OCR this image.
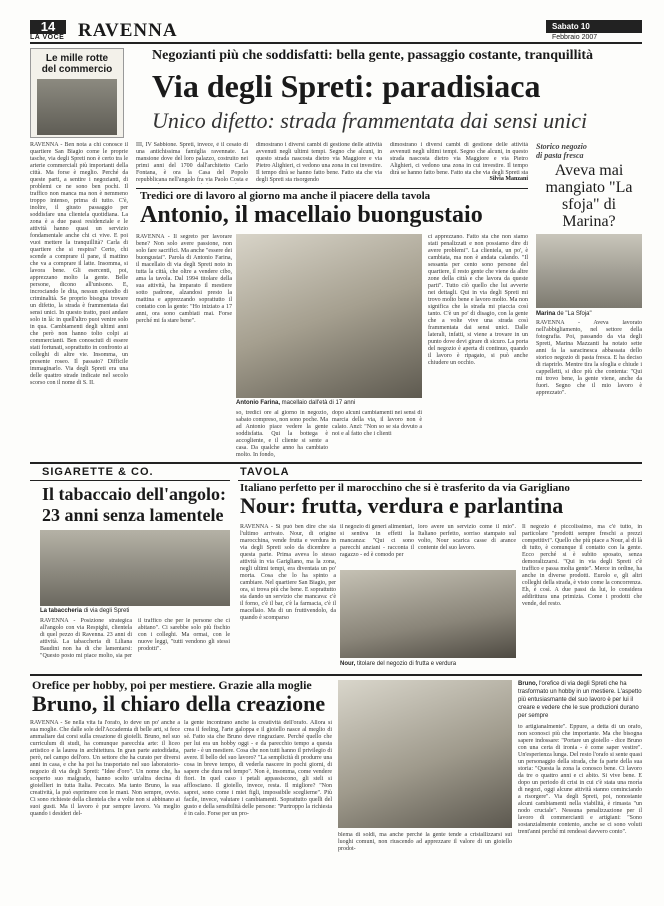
14
LA VOCE RAVENNA	Sabato 10
Febbraio 2007
Le mille rotte
del commercio
Negozianti più che soddisfatti: bella gente, passaggio costante, tranquillità
Via degli Spreti: paradisiaca
Unico difetto: strada frammentata dai sensi unici

RAVENNA - Ben nota a chi conosce il quartiere San Biagio come le proprie tasche, via degli Spreti non è certo tra le arterie commerciali più importanti della città. Ma forse è meglio. Perché da queste parti, a sentire i negozianti, di problemi ce ne sono ben pochi. Il traffico non manca ma non è nemmeno troppo intenso, prima di tutto. C'è, inoltre, il giusto passaggio per soddisfare una clientela quotidiana. La zona è a due passi residenziale e le attività hanno quasi un servizio fondamentale anche chi ci vive. E poi vuoi mettere la tranquillità? Carla di quartiere che si respira? Certo, chi scende a comprare il pane, il mattino che va a comprare il latte. Insomma, si lavora bene. Gli esercenti, poi, apprezzano molto la gente. Belle persone, dicono all'unisono. E, incrociando le dita, nessun episodio di criminalità. Se proprio bisogna trovare un difetto, la strada è frammentata dai sensi unici. In questo tratto, puoi andare solo in là: in quell'altro puoi venire solo in qua. Cambiamenti degli ultimi anni che però non hanno tolto colpi ai commercianti. Ben conosciuti di essere stati fortunati, soprattutto in confronto ai colleghi di altre vie. Insomma, un presente roseo. Il passato? Difficile immaginarlo. Via degli Spreti era una delle quattro strade indicate nel secolo scorso con il nome di S. II.

III, IV Sabbione. Spreti, invece, è il cesato di una antichissima famiglia ravennate. La mansione dove del loro palazzo, costruito nei primi anni del 1700 dall'architetto Carlo Fontana, è ora la Casa del Popolo repubblicana nell'angolo fra via Paolo Costa e

dimostrano i diversi cambi di gestione delle attività avvenuti negli ultimi tempi. Segno che alcuni, in questo strada nascosta dietro via Maggiore e via Pietro Alighieri, ci vedono una zona in cui investire. Il tempo dirà se hanno fatto bene. Fatto sta che via degli Spreti sta risorgendo

dimostrano i diversi cambi di gestione delle attività avvenuti negli ultimi tempi. Segno che alcuni, in questo strada nascosta dietro via Maggiore e via Pietro Alighieri, ci vedono una zona in cui investire. Il tempo dirà se hanno fatto bene. Fatto sta che via degli Spreti sta

Silvia Manzani
Storico negozio
di pasta fresca
Aveva mai mangiato "La sfoja" di Marina?
Marina de "La Sfoja"

RAVENNA - Aveva lavorato nell'abbigliamento, nel settore della fotografia. Poi, passando da via degli Spreti, Marina Mazzanti ha notato sette anni fa la saracinesca abbassata dello storico negozio di pasta fresca. E ha deciso di riaprirlo. Mentre tira la sfoglia e chiude i cappelletti, si dice più che contenta: "Qui mi trovo bene, la gente viene, anche da fuori. Segno che il mio lavoro è apprezzato".

Tredici ore di lavoro al giorno ma anche il piacere della tavola
Antonio, il macellaio buongustaio

RAVENNA - Il segreto per lavorare bene? Non solo avere passione, non solo fare sacrifici. Ma anche "essere dei buongustai". Parola di Antonio Farina, il macellaio di via degli Spreti noto in tutta la città, che oltre a vendere cibo, ama la tavola. Dal 1994 titolare della sua attività, ha imparato il mestiere sotto padrone, alzandosi presto la mattina e apprezzando soprattutto il contatto con la gente: "Ho iniziato a 17 anni, ora sono cambiati mai. Forse perché mi fa stare bene".

Antonio Farina, macellaio dall'età di 17 anni

so, tredici ore al giorno in negozio, sabato compreso, non sono poche. Ma ad Antonio piace vedere la gente soddisfatta. Qui la bottega è accogliente, e il cliente si sente a casa. Da qualche anno ha cambiato molto. In fondo,

dopo alcuni cambiamenti nei sensi di marcia della via, il lavoro non è calato. Anzi: "Non so se sia dovuto a noi e al fatto che i clienti

ci apprezzano. Fatto sta che non siamo stati penalizzati e non possiamo dire di avere problemi". La clientela, un po', è cambiata, ma non è andata calando. "Il sessanta per cento sono persone del quartiere, il resto gente che viene da altre zone della città e che lavora da queste parti". Tutto ciò quello che lui avverte nei dettagli. Qui in via degli Spreti mi trovo molto bene e lavoro molto. Ma non significa che la strada mi piaccia così tanto. C'è un po' di disagio, con la gente che a volte vive una strada così frammentata dai sensi unici. Dalle laterali, infatti, si viene a trovare in un punto dove devi girare di sicuro. La porta del negozio è aperta di continuo, quando il lavoro è ripagato, si può anche chiudere un occhio.

SIGARETTE & CO.
Il tabaccaio dell'angolo: 23 anni senza lamentele
La tabaccheria di via degli Spreti

RAVENNA - Posizione strategica all'angolo con via Respighi, clientela di quel pezzo di Ravenna. 23 anni di attività. La tabaccheria di Liliana Baudini non ha di che lamentarsi: "Questo posto mi piace molto, sia per il traffico che per le persone che ci abitano". Ci sarebbe solo più fischio con i colleghi. Ma ormai, con le nuove leggi, "tutti vendono gli stessi prodotti".

TAVOLA
Italiano perfetto per il marocchino che si è trasferito da via Garigliano
Nour: frutta, verdura e parlantina

RAVENNA - Si può ben dire che sia l'ultimo arrivato. Nour, di origine marocchina, vende frutta e verdura in via degli Spreti solo da dicembre a questa parte. Prima aveva lo stesso attività in via Garigliano, ma la zona, negli ultimi tempi, era diventata un po' morta. Cosa che lo ha spinto a cambiare. Nel quartiere San Biagio, per ora, si trova più che bene. E soprattutto sta dando un servizio che mancava: c'è il forno, c'è il bar, c'è la farmacia, c'è il macellaio. Ma di un fruttivendolo, da quando è scomparso

il negozio di generi alimentari, si sentiva in effetti la mancanza: "Qui ci sono parecchi anziani - racconta il ragazzo - ed è comodo per

loro avere un servizio come il mio". Italiano perfetto, sorriso stampato sul volto, Nour scarica casse di arance contente del suo lavoro.

Nour, titolare del negozio di frutta e verdura

Il negozio è piccolissimo, ma c'è tutto, in particolare "prodotti sempre freschi a prezzi competitivi". Quello che più piace a Nour, al di là di tutto, è comunque il contatto con la gente. Ecco perché si è subito sposato, senza demoralizzarsi. "Qui in via degli Spreti c'è traffico e passa molta gente". Merce in ordine, ha anche in diverse prodotti. Eurolo e, gli altri colleghi della strada, è visto come la concorrenza. Eh, è così. A due passi da lui, lo considera addirittura una primizia. Come i prodotti che vende, del resto.

Orefice per hobby, poi per mestiere. Grazie alla moglie
Bruno, il chiaro della creazione

RAVENNA - Se nella vita fa l'orafo, lo deve un po' anche a sua moglie. Che dalle sole dell'Accademia di belle arti, si fece ammaliare dai corsi sulla creazione di gioielli. Bruno, nel suo curriculum di studi, ha comunque parecchia arte: il liceo artistico e la laurea in architettura. In gran parte autodidatta, però, nel campo dell'oro. Un settore che ha curato per diversi anni in casa, e che ha poi ha trasportato nel suo laboratorio-negozio di via degli Spreti: "Idee d'oro". Un nome che, ha scoperto suo malgrado, hanno scelto un'altra decina di gioiellieri in tutta Italia. Peccato. Ma tanto Bruno, la sua creatività, la può esprimere con le mani. Non sempre, ovvio. Ci sono richieste della clientela che a volte non si abbinano ai suoi gusti. Ma il lavoro è pur sempre lavoro. Va meglio quando i desideri del-

la gente incontrano anche la creatività dell'orafo. Allora sì crea il feeling, l'arte galoppa e il gioiello nasce al meglio di sé. Fatto sta che Bruno deve ringraziare. Perché quello che per lui era un hobby oggi - e da parecchio tempo a questa parte - è un mestiere. Cosa che non tutti hanno il privilegio di avere. Il bello del suo lavoro? "La semplicità di produrre una cosa in breve tempo, di vederla nascere in pochi giorni, di sapere che dura nel tempo". Non è, insomma, come vendere fiori. In quel caso i petali appassiscono, gli steli si afflosciano. Il gioiello, invece, resta. Il migliore? "Non saprei, sono come i miei figli, impossibile sceglierne". Più facile, invece, valutare i cambiamenti. Soprattutto quelli del gusto e della sensibilità delle persone: "Purtroppo la richiesta è in calo. Forse per un pro-

blema di soldi, ma anche perché la gente tende a cristallizzarsi sui luoghi comuni, non riuscendo ad apprezzare il valore di un gioiello prodot-

Bruno, l'orefice di via degli Spreti che ha trasformato un hobby in un mestiere. L'aspetto più entusiasmante del suo lavoro è per lui il creare e vedere che le sue produzioni durano per sempre

to artigianalmente". Eppure, a detta di un orafo, non sconosci più che importante. Ma che bisogna sapere indossare: "Portare un gioiello - dice Bruno con una certa di ironia - è come saper vestire". Un'esperienza lunga. Del resto l'orafo si sente quasi un personaggio della strada, che fa parte della sua storia: "Questa la zona la conosco bene. Ci lavoro da tre o quattro anni e ci abito. Si vive bene. E dopo un periodo di crisi in cui c'è stata una morìa di negozi, oggi alcune attività stanno cominciando a risorgere". Via degli Spreti, poi, nonostante alcuni cambiamenti nella viabilità, è rimasta "un nodo cruciale". Nessuna penalizzazione per il lavoro di commercianti e artigiani: "Sono sostanzialmente contento, anche se ci sono voluti trent'anni perché mi rendessi davvero conto".
